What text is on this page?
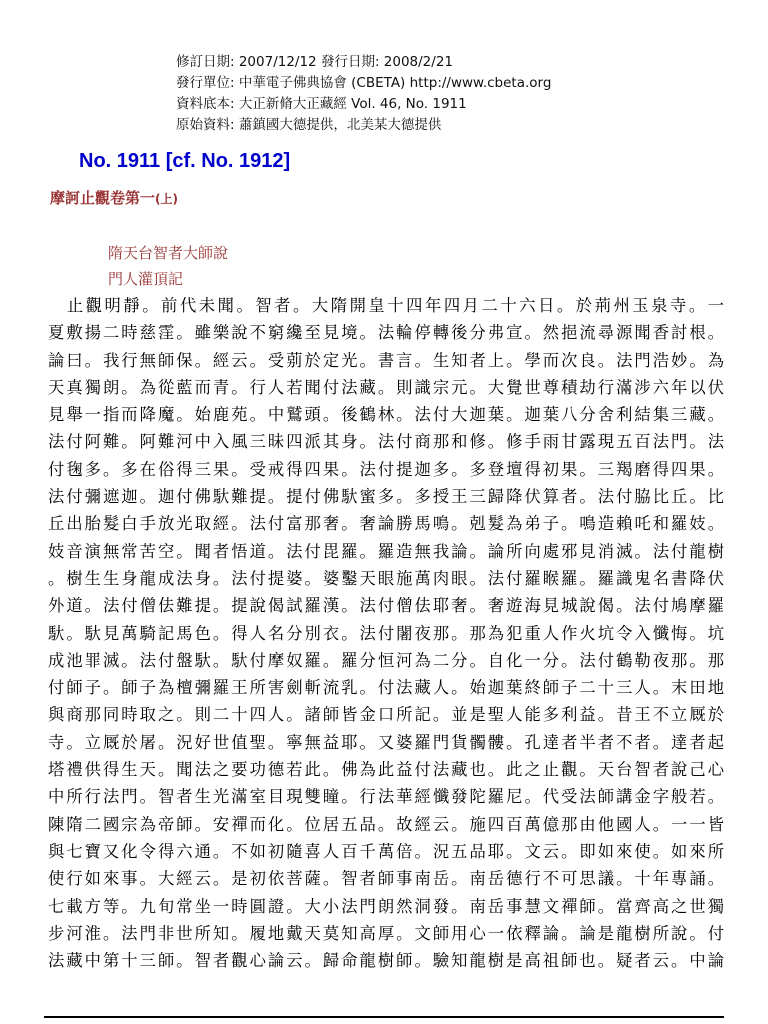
修訂日期: 2007/12/12 發行日期: 2008/2/21
發行單位: 中華電子佛典協會 (CBETA) http://www.cbeta.org
資料底本: 大正新脩大正藏經 Vol. 46, No. 1911
原始資料: 蕭鎮國大德提供，北美某大德提供
No. 1911 [cf. No. 1912]
摩訶止觀卷第一(上)
隋天台智者大師說
門人灌頂記
　止觀明靜。前代未聞。智者。大隋開皇十四年四月二十六日。於荊州玉泉寺。一
夏敷揚二時慈霔。雖樂說不窮纔至見境。法輪停轉後分弗宣。然挹流尋源聞香討根。
論曰。我行無師保。經云。受莂於定光。書言。生知者上。學而次良。法門浩妙。為
天真獨朗。為從藍而青。行人若聞付法藏。則識宗元。大覺世尊積劫行滿涉六年以伏
見舉一指而降魔。始鹿苑。中鷲頭。後鶴林。法付大迦葉。迦葉八分舍利結集三藏。
法付阿難。阿難河中入風三昧四派其身。法付商那和修。修手雨甘露現五百法門。法
付毱多。多在俗得三果。受戒得四果。法付提迦多。多登壇得初果。三羯磨得四果。
法付彌遮迦。迦付佛馱難提。提付佛馱蜜多。多授王三歸降伏算者。法付脇比丘。比
丘出胎髮白手放光取經。法付富那奢。奢論勝馬鳴。剋髮為弟子。鳴造賴吒和羅妓。
妓音演無常苦空。聞者悟道。法付毘羅。羅造無我論。論所向處邪見消滅。法付龍樹
。樹生生身龍成法身。法付提婆。婆鑿天眼施萬肉眼。法付羅睺羅。羅識鬼名書降伏
外道。法付僧佉難提。提說偈試羅漢。法付僧佉耶奢。奢遊海見城說偈。法付鳩摩羅
馱。馱見萬騎記馬色。得人名分別衣。法付闍夜那。那為犯重人作火坑令入懺悔。坑
成池罪滅。法付盤馱。馱付摩奴羅。羅分恒河為二分。自化一分。法付鶴勒夜那。那
付師子。師子為檀彌羅王所害劍斬流乳。付法藏人。始迦葉終師子二十三人。末田地
與商那同時取之。則二十四人。諸師皆金口所記。並是聖人能多利益。昔王不立厩於
寺。立厩於屠。況好世值聖。寧無益耶。又婆羅門貨髑髏。孔達者半者不者。達者起
塔禮供得生天。聞法之要功德若此。佛為此益付法藏也。此之止觀。天台智者說己心
中所行法門。智者生光滿室目現雙瞳。行法華經懺發陀羅尼。代受法師講金字般若。
陳隋二國宗為帝師。安禪而化。位居五品。故經云。施四百萬億那由他國人。一一皆
與七寶又化令得六通。不如初隨喜人百千萬倍。況五品耶。文云。即如來使。如來所
使行如來事。大經云。是初依菩薩。智者師事南岳。南岳德行不可思議。十年專誦。
七載方等。九旬常坐一時圓證。大小法門朗然洞發。南岳事慧文禪師。當齊高之世獨
步河淮。法門非世所知。履地戴天莫知高厚。文師用心一依釋論。論是龍樹所說。付
法藏中第十三師。智者觀心論云。歸命龍樹師。驗知龍樹是高祖師也。疑者云。中論
